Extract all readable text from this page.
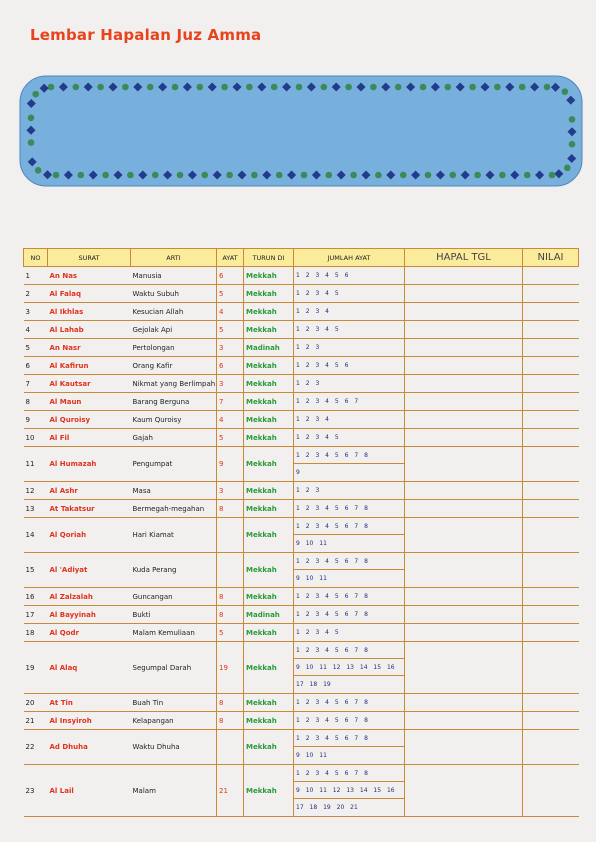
Lembar Hapalan Juz Amma
NO	SURAT	ARTI	AYAT	TURUN DI	JUMLAH AYAT	HAPAL TGL	NILAI
1	An Nas	Manusia	6	Mekkah	1 2 3 4 5 6		

2	Al Falaq	Waktu Subuh	5	Mekkah	1 2 3 4 5		

3	Al Ikhlas	Kesucian Allah	4	Mekkah	1 2 3 4		

4	Al Lahab	Gejolak Api	5	Mekkah	1 2 3 4 5		

5	An Nasr	Pertolongan	3	Madinah	1 2 3		

6	Al Kafirun	Orang Kafir	6	Mekkah	1 2 3 4 5 6		

7	Al Kautsar	Nikmat yang Berlimpah	3	Mekkah	1 2 3		

8	Al Maun	Barang Berguna	7	Mekkah	1 2 3 4 5 6 7		

9	Al Quroisy	Kaum Quroisy	4	Mekkah	1 2 3 4		

10	Al Fil	Gajah	5	Mekkah	1 2 3 4 5		

11	Al Humazah	Pengumpat	9	Mekkah	1 2 3 4 5 6 7 8
9		

12	Al Ashr	Masa	3	Mekkah	1 2 3		

13	At Takatsur	Bermegah-megahan	8	Mekkah	1 2 3 4 5 6 7 8		

14	Al Qoriah	Hari Kiamat		Mekkah	1 2 3 4 5 6 7 8
9 10 11		

15	Al 'Adiyat	Kuda Perang		Mekkah	1 2 3 4 5 6 7 8
9 10 11		

16	Al Zalzalah	Guncangan	8	Mekkah	1 2 3 4 5 6 7 8		

17	Al Bayyinah	Bukti	8	Madinah	1 2 3 4 5 6 7 8		

18	Al Qodr	Malam Kemuliaan	5	Mekkah	1 2 3 4 5		

19	Al Alaq	Segumpal Darah	19	Mekkah	1 2 3 4 5 6 7 8
9 10 11 12 13 14 15 16
17 18 19		

20	At Tin	Buah Tin	8	Mekkah	1 2 3 4 5 6 7 8		

21	Al Insyiroh	Kelapangan	8	Mekkah	1 2 3 4 5 6 7 8		

22	Ad Dhuha	Waktu Dhuha		Mekkah	1 2 3 4 5 6 7 8
9 10 11		

23	Al Lail	Malam	21	Mekkah	1 2 3 4 5 6 7 8
9 10 11 12 13 14 15 16
17 18 19 20 21		
